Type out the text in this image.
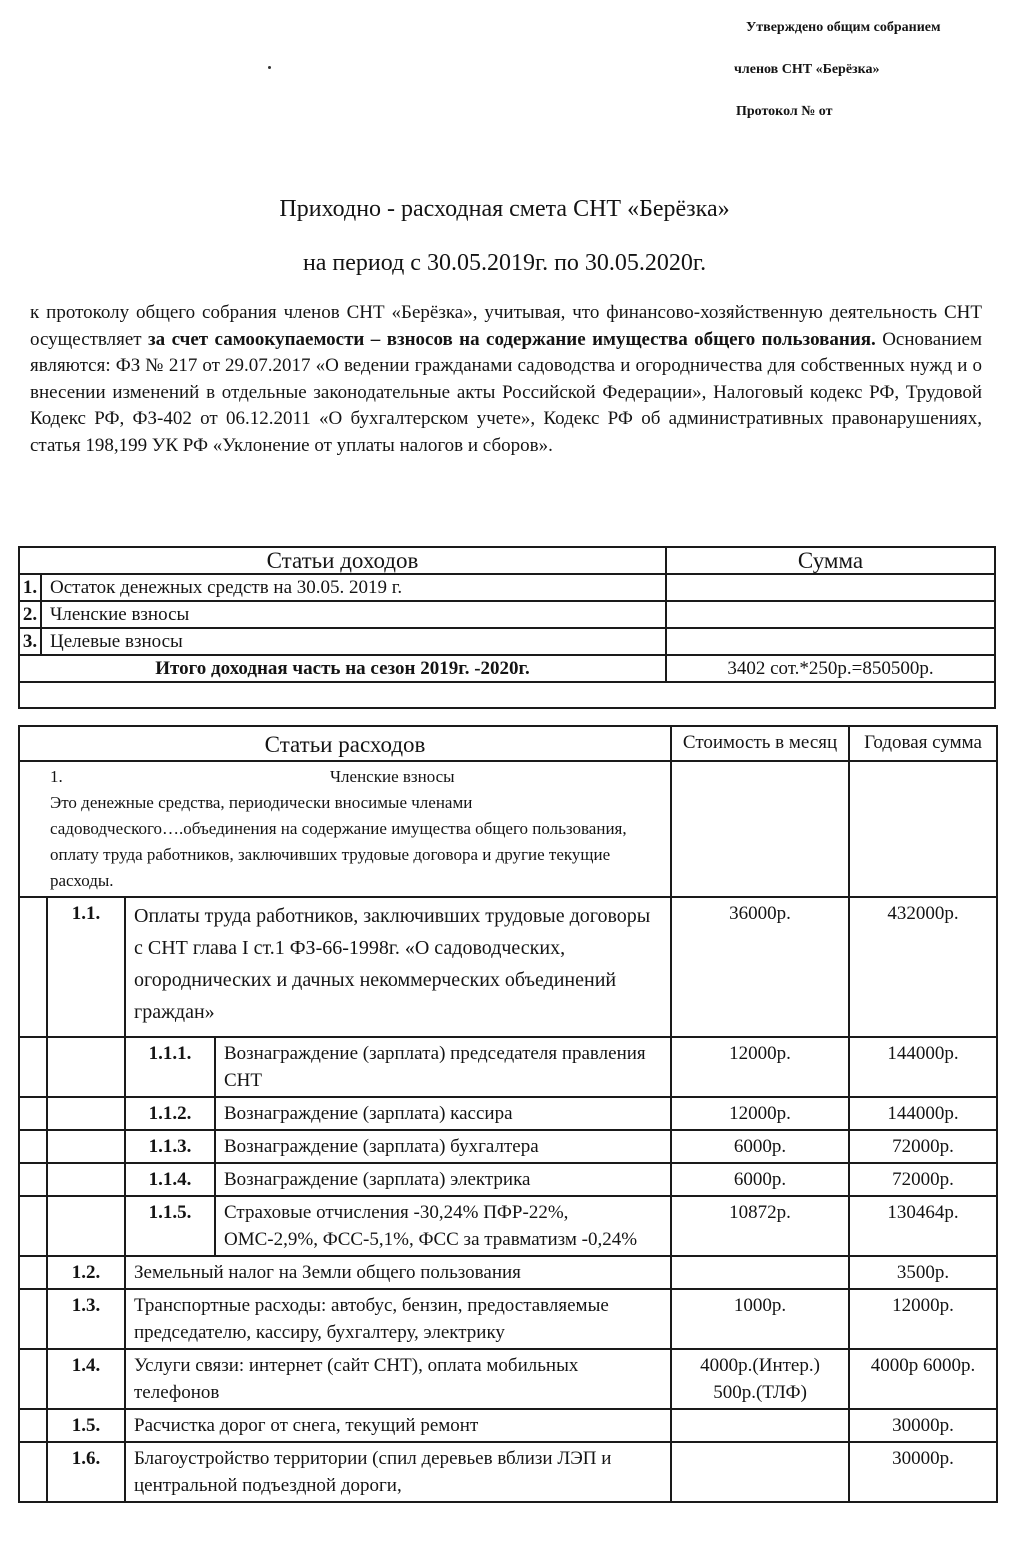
Утверждено общим собранием
членов СНТ «Берёзка»
Протокол № от
Приходно - расходная смета СНТ «Берёзка»
на период с 30.05.2019г. по 30.05.2020г.
к протоколу общего собрания членов СНТ «Берёзка», учитывая, что финансово-хозяйственную деятельность СНТ осуществляет за счет самоокупаемости – взносов на содержание имущества общего пользования. Основанием являются: ФЗ № 217 от 29.07.2017 «О ведении гражданами садоводства и огородничества для собственных нужд и о внесении изменений в отдельные законодательные акты Российской Федерации», Налоговый кодекс РФ, Трудовой Кодекс РФ, ФЗ-402 от 06.12.2011 «О бухгалтерском учете», Кодекс РФ об административных правонарушениях, статья 198,199 УК РФ «Уклонение от уплаты налогов и сборов».
Статьи доходов		Сумма
1.	Остаток денежных средств на 30.05. 2019 г.	
2.	Членские взносы	
3.	Целевые взносы	
Итого доходная часть на сезон 2019г. -2020г.		3402 сот.*250р.=850500р.

Статьи расходов				Стоимость в месяц	Годовая сумма
1. Членские взносы
Это денежные средства, периодически вносимые членами садоводческого….объединения на содержание имущества общего пользования, оплату труда работников, заключивших трудовые договора и другие текущие расходы.					
	1.1.	Оплаты труда работников, заключивших трудовые договоры с СНТ глава I ст.1 ФЗ-66-1998г. «О садоводческих, огороднических и дачных некоммерческих объединений граждан»		36000р.	432000р.
		1.1.1.	Вознаграждение (зарплата) председателя правления СНТ	12000р.	144000р.
		1.1.2.	Вознаграждение (зарплата) кассира	12000р.	144000р.
		1.1.3.	Вознаграждение (зарплата) бухгалтера	6000р.	72000р.
		1.1.4.	Вознаграждение (зарплата) электрика	6000р.	72000р.
		1.1.5.	Страховые отчисления -30,24% ПФР-22%, ОМС-2,9%, ФСС-5,1%, ФСС за травматизм -0,24%	10872р.	130464р.
	1.2.	Земельный налог на Земли общего пользования			3500р.
	1.3.	Транспортные расходы: автобус, бензин, предоставляемые председателю, кассиру, бухгалтеру, электрику		1000р.	12000р.
	1.4.	Услуги связи: интернет (сайт СНТ), оплата мобильных телефонов		4000р.(Интер.) 500р.(ТЛФ)	4000р 6000р.
	1.5.	Расчистка дорог от снега, текущий ремонт			30000р.
	1.6.	Благоустройство территории (спил деревьев вблизи ЛЭП и центральной подъездной дороги,			30000р.
